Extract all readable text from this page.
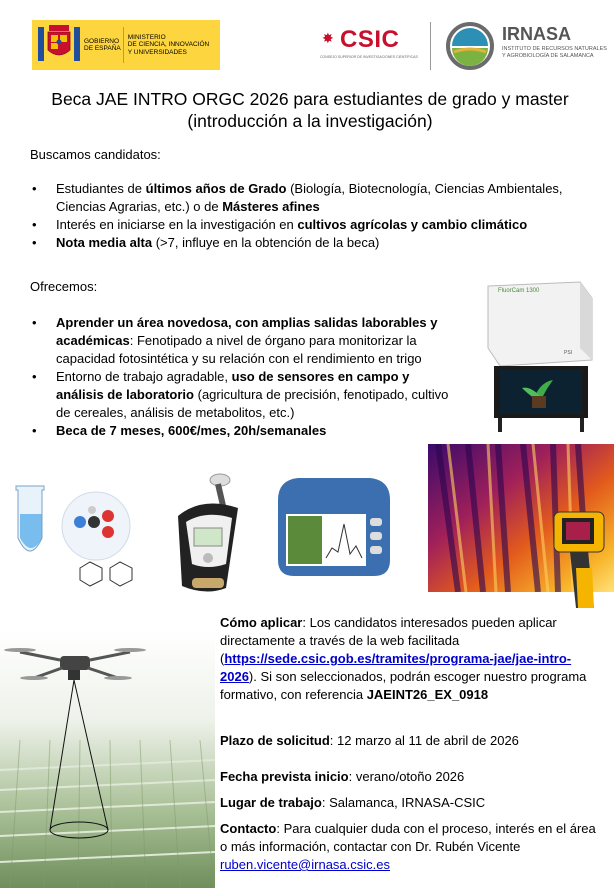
GOBIERNO
DE ESPAÑA
MINISTERIO
DE CIENCIA, INNOVACIÓN
Y UNIVERSIDADES
✸ CSIC
CONSEJO SUPERIOR DE INVESTIGACIONES CIENTÍFICAS
IRNASA
INSTITUTO DE RECURSOS NATURALES
Y AGROBIOLOGÍA DE SALAMANCA
Beca JAE INTRO ORGC 2026 para estudiantes de grado y master
(introducción a la investigación)
Buscamos candidatos:
• Estudiantes de últimos años de Grado (Biología, Biotecnología, Ciencias Ambientales, Ciencias Agrarias, etc.) o de Másteres afines
• Interés en iniciarse en la investigación en cultivos agrícolas y cambio climático
• Nota media alta (>7, influye en la obtención de la beca)
Ofrecemos:
• Aprender un área novedosa, con amplias salidas laborables y académicas: Fenotipado a nivel de órgano para monitorizar la capacidad fotosintética y su relación con el rendimiento en trigo
• Entorno de trabajo agradable, uso de sensores en campo y análisis de laboratorio (agricultura de precisión, fenotipado, cultivo de cereales, análisis de metabolitos, etc.)
• Beca de 7 meses, 600€/mes, 20h/semanales
FluorCam 1300
PSI
Cómo aplicar: Los candidatos interesados pueden aplicar directamente a través de la web facilitada (https://sede.csic.gob.es/tramites/programa-jae/jae-intro-2026). Si son seleccionados, podrán escoger nuestro programa formativo, con referencia JAEINT26_EX_0918
Plazo de solicitud: 12 marzo al 11 de abril de 2026
Fecha prevista inicio: verano/otoño 2026
Lugar de trabajo: Salamanca, IRNASA-CSIC
Contacto: Para cualquier duda con el proceso, interés en el área o más información, contactar con Dr. Rubén Vicente ruben.vicente@irnasa.csic.es
